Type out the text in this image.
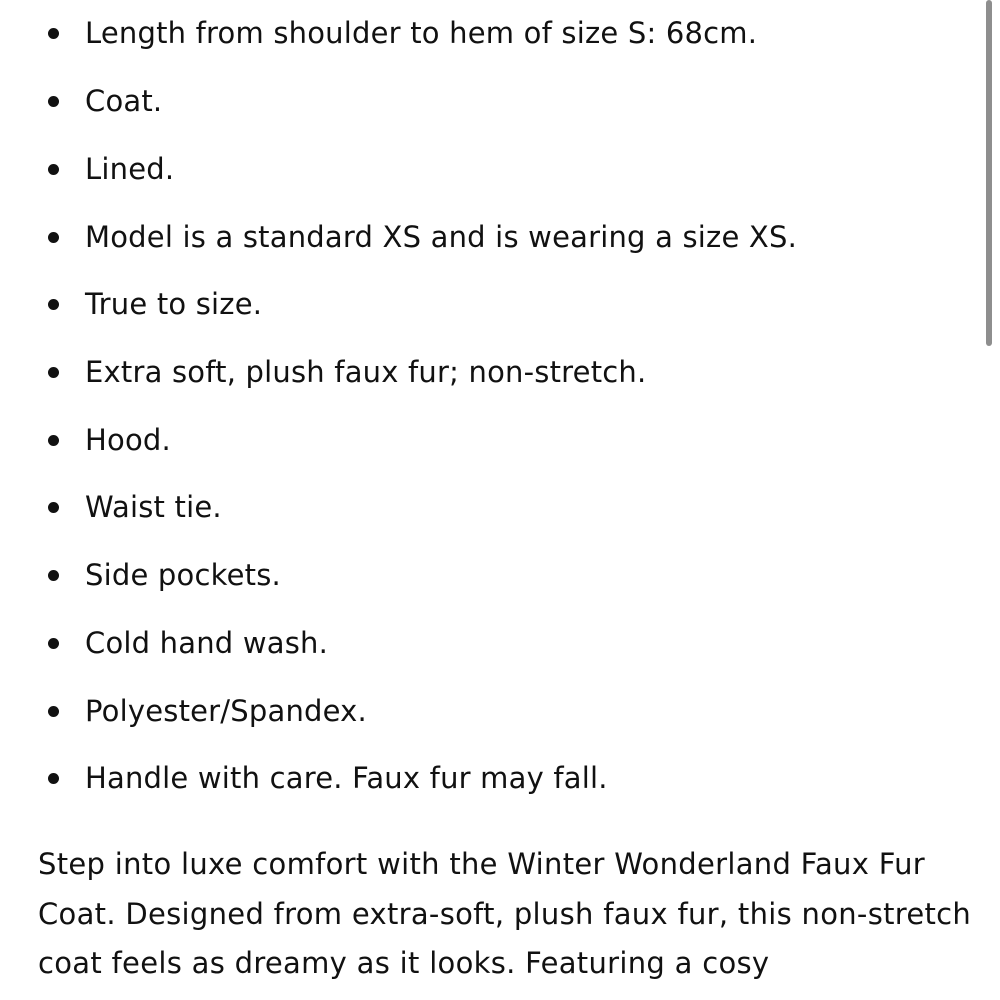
Length from shoulder to hem of size S: 68cm.
Coat.
Lined.
Model is a standard XS and is wearing a size XS.
True to size.
Extra soft, plush faux fur; non-stretch.
Hood.
Waist tie.
Side pockets.
Cold hand wash.
Polyester/Spandex.
Handle with care. Faux fur may fall.

Step into luxe comfort with the Winter Wonderland Faux Fur Coat. Designed from extra-soft, plush faux fur, this non-stretch coat feels as dreamy as it looks. Featuring a cosy
